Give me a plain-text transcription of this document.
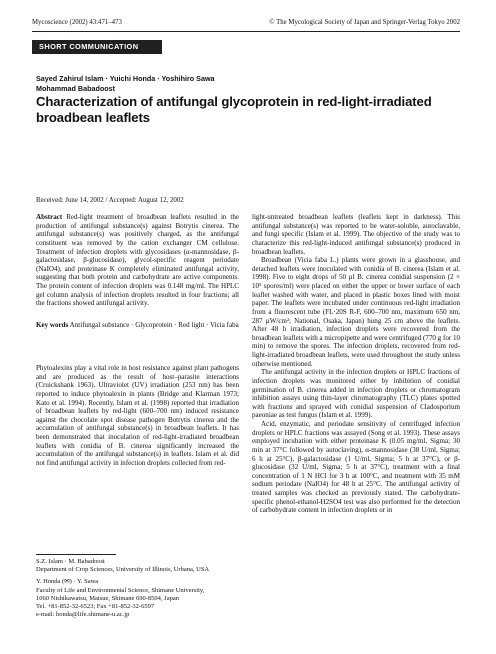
Mycoscience (2002) 43:471–473	© The Mycological Society of Japan and Springer-Verlag Tokyo 2002
SHORT COMMUNICATION
Sayed Zahirul Islam · Yuichi Honda · Yoshihiro Sawa
Mohammad Babadoost
Characterization of antifungal glycoprotein in red-light-irradiated
broadbean leaflets
Received: June 14, 2002 / Accepted: August 12, 2002

Abstract Red-light treatment of broadbean leaflets resulted in the production of antifungal substance(s) against Botrytis cinerea. The antifungal substance(s) was positively charged, as the antifungal constituent was removed by the cation exchanger CM cellulose. Treatment of infection droplets with glycosidases (α-mannosidase, β-galactosidase, β-glucosidase), glycol-specific reagent periodate (NaIO4), and proteinase K completely eliminated antifungal activity, suggesting that both protein and carbohydrate are active components. The protein content of infection droplets was 0.148 mg/ml. The HPLC gel column analysis of infection droplets resulted in four fractions; all the fractions showed antifungal activity.

Key words Antifungal substance · Glycoprotein · Red light · Vicia faba

Phytoalexins play a vital role in host resistance against plant pathogens and are produced as the result of host–parasite interactions (Cruickshank 1963). Ultraviolet (UV) irradiation (253 nm) has been reported to induce phytoalexin in plants (Bridge and Klarman 1973; Kato et al. 1994). Recently, Islam et al. (1998) reported that irradiation of broadbean leaflets by red-light (600–700 nm) induced resistance against the chocolate spot disease pathogen Botrytis cinerea and the accumulation of antifungal substance(s) in broadbean leaflets. It has been demonstrated that inoculation of red-light-irradiated broadbean leaflets with conidia of B. cinerea significantly increased the accumulation of the antifungal substance(s) in leaflets. Islam et al. did not find antifungal activity in infection droplets collected from red-

S.Z. Islam · M. Babadoost
Department of Crop Sciences, University of Illinois, Urbana, USA
Y. Honda (✉) · Y. Sawa
Faculty of Life and Environmental Science, Shimane University,
1060 Nishikawatsu, Matsue, Shimane 690-8504, Japan
Tel. +81-852-32-6523; Fax +81-852-32-6597
e-mail: honda@life.shimane-u.ac.jp

light-untreated broadbean leaflets (leaflets kept in darkness). This antifungal substance(s) was reported to be water-soluble, autoclavable, and fungi specific (Islam et al. 1999). The objective of the study was to characterize this red-light-induced antifungal substance(s) produced in broadbean leaflets.

Broadbean (Vicia faba L.) plants were grown in a glasshouse, and detached leaflets were inoculated with conidia of B. cinerea (Islam et al. 1998). Five to eight drops of 50 µl B. cinerea conidial suspension (2 × 10⁵ spores/ml) were placed on either the upper or lower surface of each leaflet washed with water, and placed in plastic boxes lined with moist paper. The leaflets were incubated under continuous red-light irradiation from a fluorescent tube (FL·20S R-F, 600–700 nm, maximum 650 nm, 287 µW/cm²; National, Osaka, Japan) hung 25 cm above the leaflets. After 48 h irradiation, infection droplets were recovered from the broadbean leaflets with a micropipette and were centrifuged (770 g for 10 min) to remove the spores. The infection droplets, recovered from red-light-irradiated broadbean leaflets, were used throughout the study unless otherwise mentioned.

The antifungal activity in the infection droplets or HPLC fractions of infection droplets was monitored either by inhibition of conidial germination of B. cinerea added in infection droplets or chromatogram inhibition assays using thin-layer chromatography (TLC) plates spotted with fractions and sprayed with conidial suspension of Cladosporium paeoniae as test fungus (Islam et al. 1999).

Acid, enzymatic, and periodate sensitivity of centrifuged infection droplets or HPLC fractions was assayed (Song et al. 1993). These assays employed incubation with either proteinase K (0.05 mg/ml, Sigma; 30 min at 37°C followed by autoclaving), α-mannosidase (38 U/ml, Sigma; 6 h at 25°C), β-galactosidase (1 U/ml, Sigma; 5 h at 37°C), or β-glucosidase (32 U/ml, Sigma; 5 h at 37°C), treatment with a final concentration of 1 N HCl for 3 h at 100°C, and treatment with 35 mM sodium periodate (NaIO4) for 48 h at 25°C. The antifungal activity of treated samples was checked as previously stated. The carbohydrate-specific phenol-ethanol-H2SO4 test was also performed for the detection of carbohydrate content in infection droplets or in
